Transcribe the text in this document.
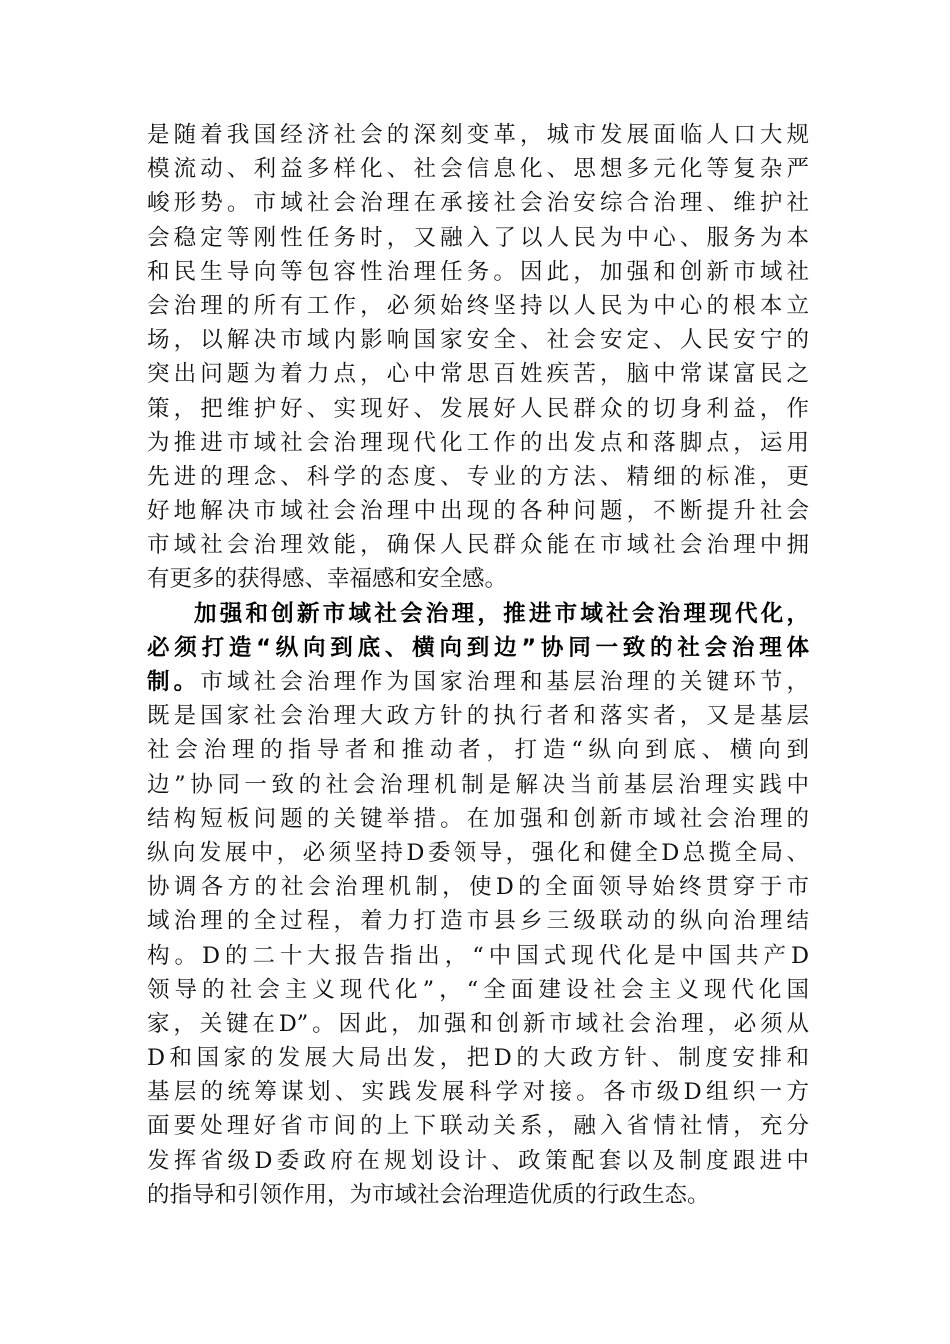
是随着我国经济社会的深刻变革，城市发展面临人口大规
模流动、利益多样化、社会信息化、思想多元化等复杂严
峻形势。市域社会治理在承接社会治安综合治理、维护社
会稳定等刚性任务时，又融入了以人民为中心、服务为本
和民生导向等包容性治理任务。因此，加强和创新市域社
会治理的所有工作，必须始终坚持以人民为中心的根本立
场，以解决市域内影响国家安全、社会安定、人民安宁的
突出问题为着力点，心中常思百姓疾苦，脑中常谋富民之
策，把维护好、实现好、发展好人民群众的切身利益，作
为推进市域社会治理现代化工作的出发点和落脚点，运用
先进的理念、科学的态度、专业的方法、精细的标准，更
好地解决市域社会治理中出现的各种问题，不断提升社会
市域社会治理效能，确保人民群众能在市域社会治理中拥
有更多的获得感、幸福感和安全感。
加强和创新市域社会治理，推进市域社会治理现代化，
必须打造“纵向到底、横向到边”协同一致的社会治理体
制。市域社会治理作为国家治理和基层治理的关键环节，
既是国家社会治理大政方针的执行者和落实者，又是基层
社会治理的指导者和推动者，打造“纵向到底、横向到
边”协同一致的社会治理机制是解决当前基层治理实践中
结构短板问题的关键举措。在加强和创新市域社会治理的
纵向发展中，必须坚持D委领导，强化和健全D总揽全局、
协调各方的社会治理机制，使D的全面领导始终贯穿于市
域治理的全过程，着力打造市县乡三级联动的纵向治理结
构。D的二十大报告指出，“中国式现代化是中国共产D
领导的社会主义现代化”，“全面建设社会主义现代化国
家，关键在D”。因此，加强和创新市域社会治理，必须从
D和国家的发展大局出发，把D的大政方针、制度安排和
基层的统筹谋划、实践发展科学对接。各市级D组织一方
面要处理好省市间的上下联动关系，融入省情社情，充分
发挥省级D委政府在规划设计、政策配套以及制度跟进中
的指导和引领作用，为市域社会治理造优质的行政生态。
